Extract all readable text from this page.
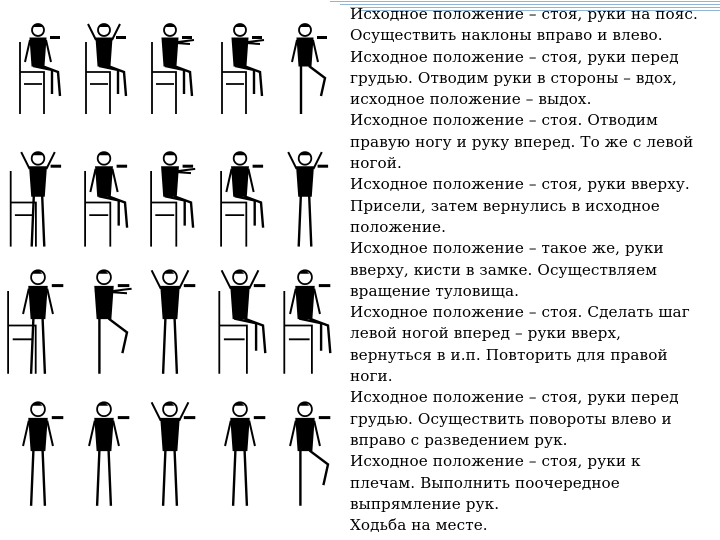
Исходное положение – стоя, руки на пояс.
Осуществить наклоны вправо и влево.
Исходное положение – стоя, руки перед
грудью. Отводим руки в стороны – вдох,
исходное положение – выдох.
Исходное положение – стоя. Отводим
правую ногу и руку вперед. То же с левой
ногой.
Исходное положение – стоя, руки вверху.
Присели, затем вернулись в исходное
положение.
Исходное положение – такое же, руки
вверху, кисти в замке. Осуществляем
вращение туловища.
Исходное положение – стоя. Сделать шаг
левой ногой вперед – руки вверх,
вернуться в и.п. Повторить для правой
ноги.
Исходное положение – стоя, руки перед
грудью. Осуществить повороты влево и
вправо с разведением рук.
Исходное положение – стоя, руки к
плечам. Выполнить поочередное
выпрямление рук.
Ходьба на месте.
